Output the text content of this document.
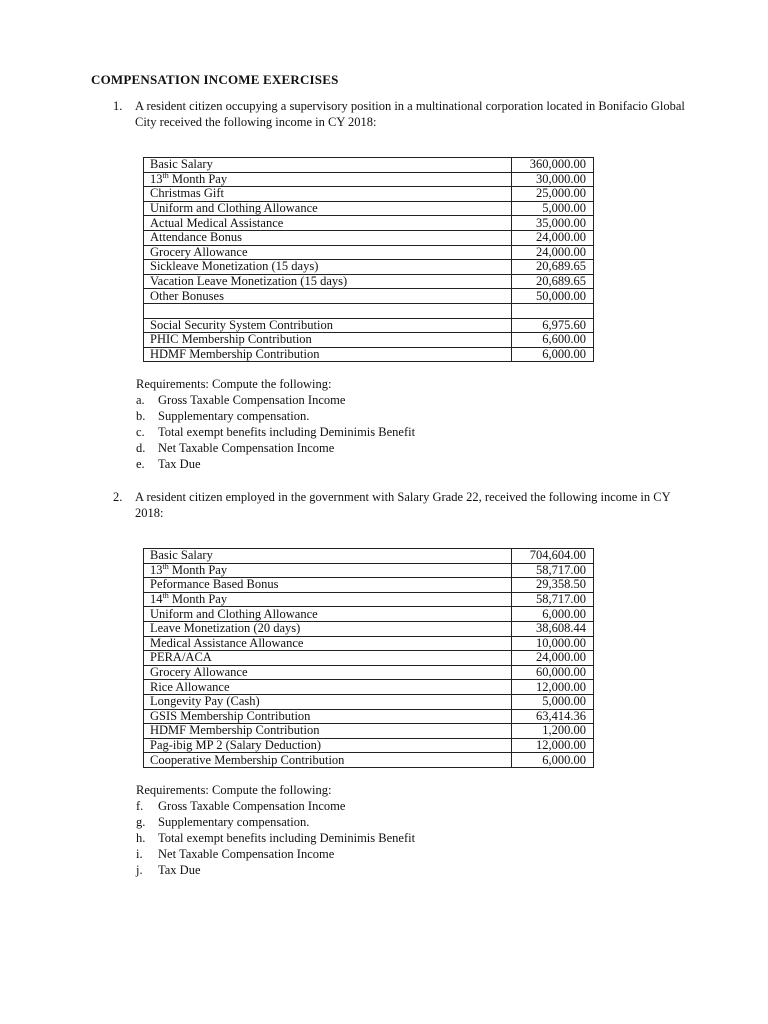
COMPENSATION INCOME EXERCISES
1. A resident citizen occupying a supervisory position in a multinational corporation located in Bonifacio Global City received the following income in CY 2018:
Basic Salary	360,000.00
13th Month Pay	30,000.00
Christmas Gift	25,000.00
Uniform and Clothing Allowance	5,000.00
Actual Medical Assistance	35,000.00
Attendance Bonus	24,000.00
Grocery Allowance	24,000.00
Sickleave Monetization (15 days)	20,689.65
Vacation Leave Monetization (15 days)	20,689.65
Other Bonuses	50,000.00

Social Security System Contribution	6,975.60
PHIC Membership Contribution	6,600.00
HDMF Membership Contribution	6,000.00
Requirements: Compute the following:
a. Gross Taxable Compensation Income
b. Supplementary compensation.
c. Total exempt benefits including Deminimis Benefit
d. Net Taxable Compensation Income
e. Tax Due
2. A resident citizen employed in the government with Salary Grade 22, received the following income in CY 2018:
Basic Salary	704,604.00
13th Month Pay	58,717.00
Peformance Based Bonus	29,358.50
14th Month Pay	58,717.00
Uniform and Clothing Allowance	6,000.00
Leave Monetization (20 days)	38,608.44
Medical Assistance Allowance	10,000.00
PERA/ACA	24,000.00
Grocery Allowance	60,000.00
Rice Allowance	12,000.00
Longevity Pay (Cash)	5,000.00
GSIS Membership Contribution	63,414.36
HDMF Membership Contribution	1,200.00
Pag-ibig MP 2 (Salary Deduction)	12,000.00
Cooperative Membership Contribution	6,000.00
Requirements: Compute the following:
f. Gross Taxable Compensation Income
g. Supplementary compensation.
h. Total exempt benefits including Deminimis Benefit
i. Net Taxable Compensation Income
j. Tax Due
